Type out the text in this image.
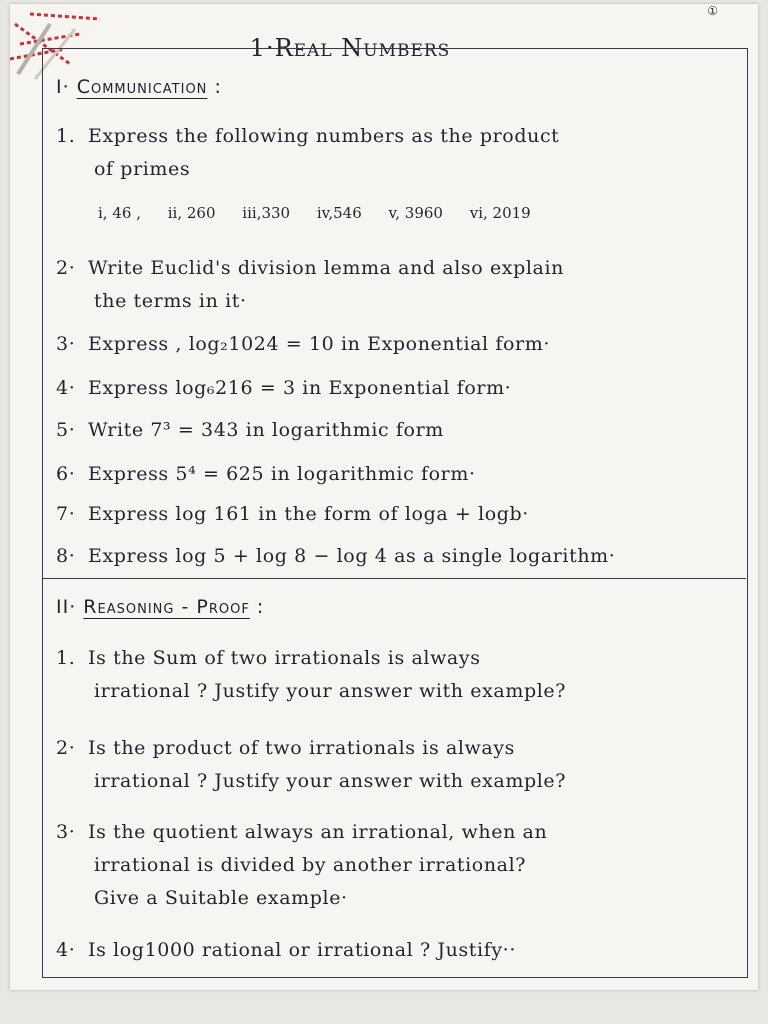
①
1·Real Numbers
I· Communication :
1. Express the following numbers as the product
of primes
i, 46 , ii, 260 iii,330 iv,546 v, 3960 vi, 2019
2· Write Euclid's division lemma and also explain
the terms in it·
3· Express , log₂1024 = 10 in Exponential form·
4· Express log₆216 = 3 in Exponential form·
5· Write 7³ = 343 in logarithmic form
6· Express 5⁴ = 625 in logarithmic form·
7· Express log 161 in the form of loga + logb·
8· Express log 5 + log 8 − log 4 as a single logarithm·
II· Reasoning - Proof :
1. Is the Sum of two irrationals is always
irrational ? Justify your answer with example?
2· Is the product of two irrationals is always
irrational ? Justify your answer with example?
3· Is the quotient always an irrational, when an
irrational is divided by another irrational?
Give a Suitable example·
4· Is log1000 rational or irrational ? Justify··
